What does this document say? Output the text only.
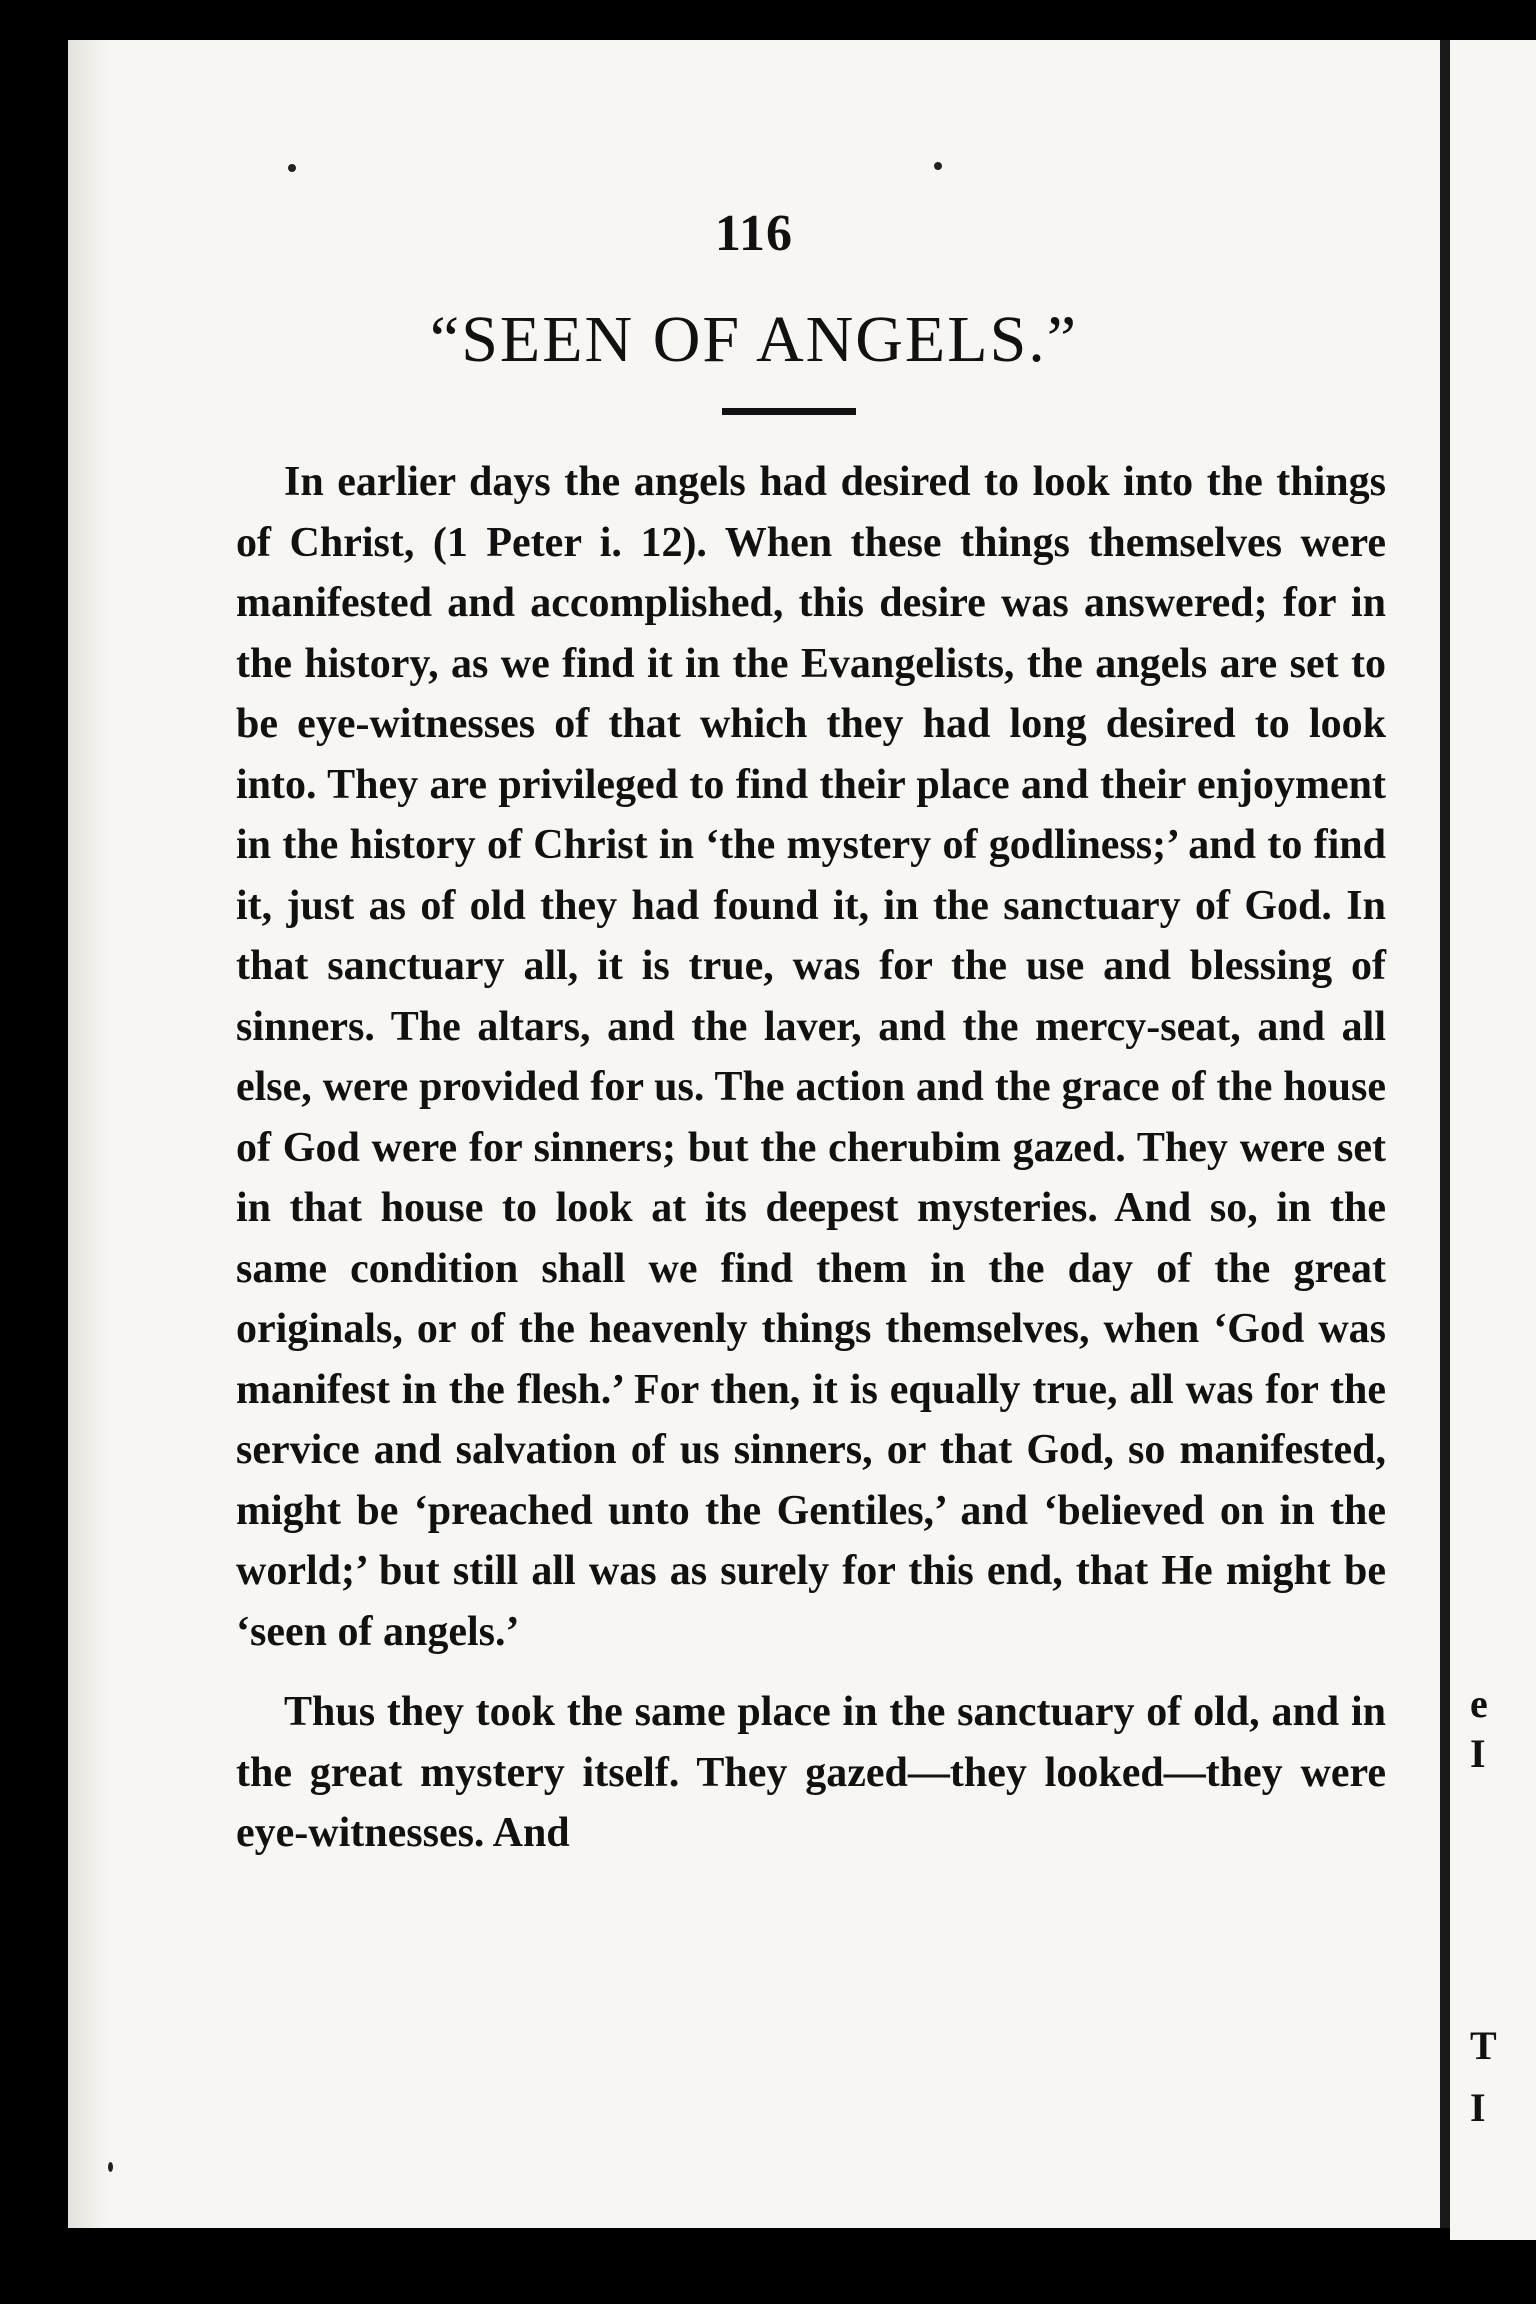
116
“SEEN OF ANGELS.”

In earlier days the angels had desired to look into the things of Christ, (1 Peter i. 12). When these things themselves were manifested and accomplished, this desire was answered; for in the history, as we find it in the Evangelists, the angels are set to be eye-witnesses of that which they had long desired to look into. They are privileged to find their place and their enjoyment in the history of Christ in ‘the mystery of godliness;’ and to find it, just as of old they had found it, in the sanctuary of God. In that sanctuary all, it is true, was for the use and blessing of sinners. The altars, and the laver, and the mercy-seat, and all else, were provided for us. The action and the grace of the house of God were for sinners; but the cherubim gazed. They were set in that house to look at its deepest mysteries. And so, in the same condition shall we find them in the day of the great originals, or of the heavenly things themselves, when ‘God was manifest in the flesh.’ For then, it is equally true, all was for the service and salvation of us sinners, or that God, so manifested, might be ‘preached unto the Gentiles,’ and ‘believed on in the world;’ but still all was as surely for this end, that He might be ‘seen of angels.’

Thus they took the same place in the sanctuary of old, and in the great mystery itself. They gazed—they looked—they were eye-witnesses. And

e
I
T
I
